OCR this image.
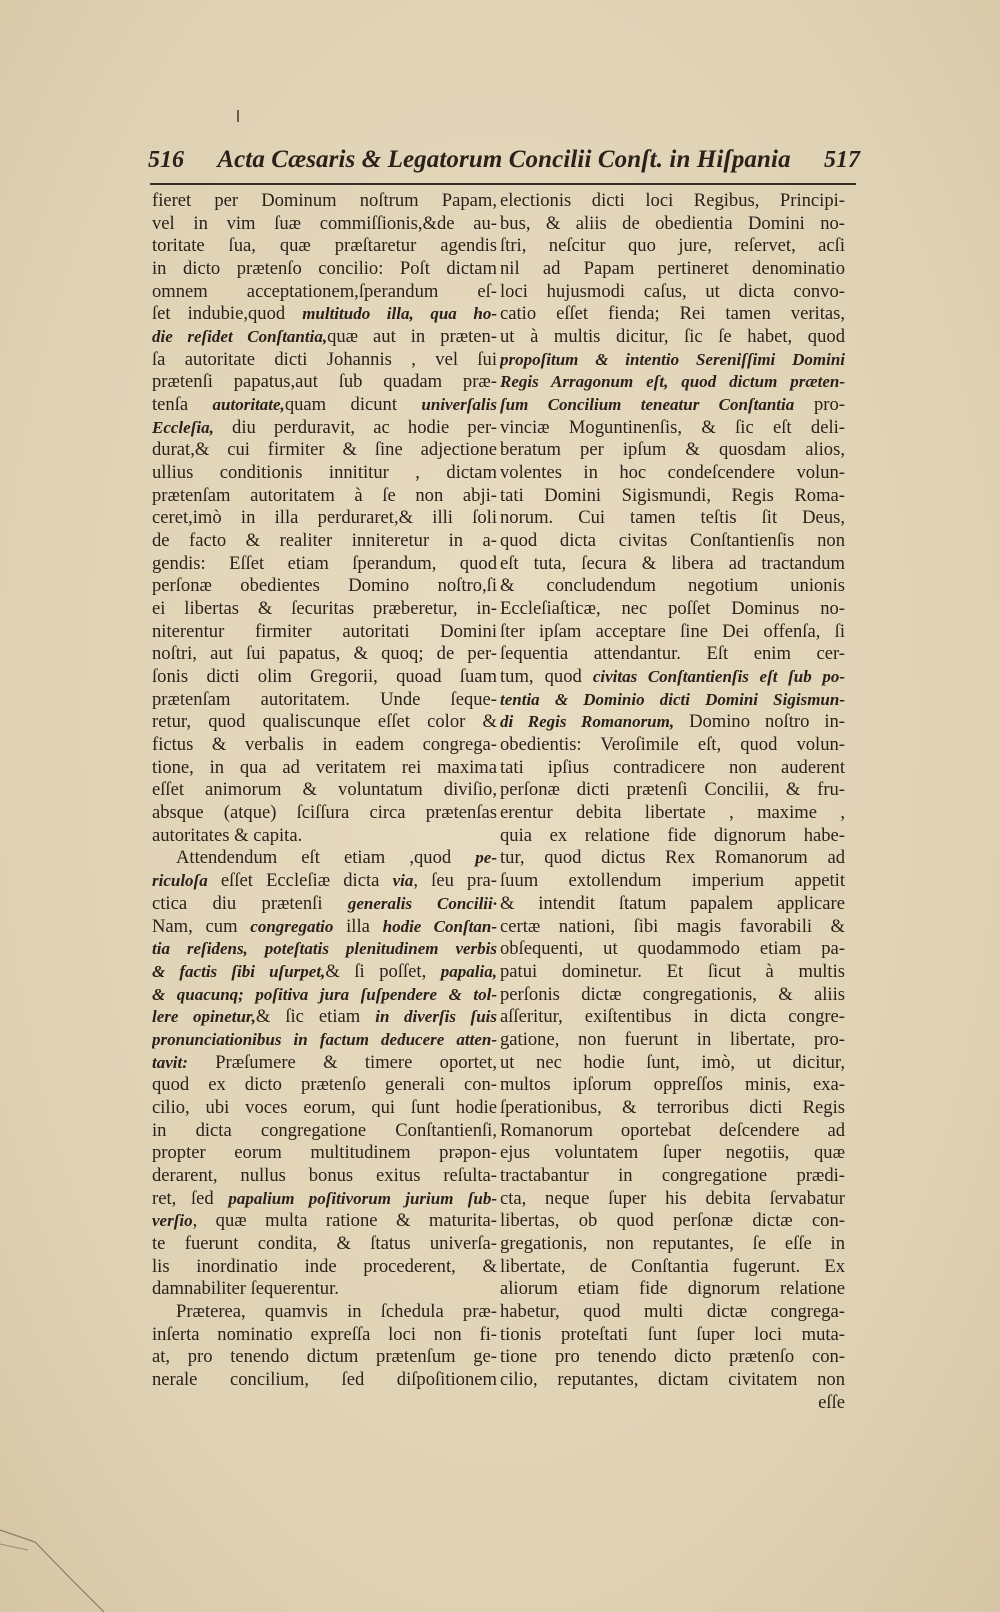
516 Acta Cæsaris & Legatorum Concilii Conſt. in Hiſpania 517
fieret per Dominum noſtrum Papam,
vel in vim ſuæ commiſſionis,&de au-
toritate ſua, quæ præſtaretur agendis
in dicto prætenſo concilio: Poſt dictam
omnem acceptationem,ſperandum eſ-
ſet indubie,quod multitudo illa, qua ho-
die reſidet Conſtantia,quæ aut in præten-
ſa autoritate dicti Johannis , vel ſui
prætenſi papatus,aut ſub quadam præ-
tenſa autoritate,quam dicunt univerſalis
Eccleſia, diu perduravit, ac hodie per-
durat,& cui firmiter & ſine adjectione
ullius conditionis innititur , dictam
prætenſam autoritatem à ſe non abji-
ceret,imò in illa perduraret,& illi ſoli
de facto & realiter inniteretur in a-
gendis: Eſſet etiam ſperandum, quod
perſonæ obedientes Domino noſtro,ſi
ei libertas & ſecuritas præberetur, in-
niterentur firmiter autoritati Domini
noſtri, aut ſui papatus, & quoq; de per-
ſonis dicti olim Gregorii, quoad ſuam
prætenſam autoritatem. Unde ſeque-
retur, quod qualiscunque eſſet color &
fictus & verbalis in eadem congrega-
tione, in qua ad veritatem rei maxima
eſſet animorum & voluntatum diviſio,
absque (atque) ſciſſura circa prætenſas
autoritates & capita.
Attendendum eſt etiam ,quod pe-
riculoſa eſſet Eccleſiæ dicta via, ſeu pra-
ctica diu prætenſi generalis Concilii·
Nam, cum congregatio illa hodie Conſtan-
tia reſidens, poteſtatis plenitudinem verbis
& factis ſibi uſurpet,& ſi poſſet, papalia,
& quacunq; poſitiva jura ſuſpendere & tol-
lere opinetur,& ſic etiam in diverſis ſuis
pronunciationibus in factum deducere atten-
tavit: Præſumere & timere oportet,
quod ex dicto prætenſo generali con-
cilio, ubi voces eorum, qui ſunt hodie
in dicta congregatione Conſtantienſi,
propter eorum multitudinem prəpon-
derarent, nullus bonus exitus reſulta-
ret, ſed papalium poſitivorum jurium ſub-
verſio, quæ multa ratione & maturita-
te fuerunt condita, & ſtatus univerſa-
lis inordinatio inde procederent, &
damnabiliter ſequerentur.
Præterea, quamvis in ſchedula præ-
inſerta nominatio expreſſa loci non fi-
at, pro tenendo dictum prætenſum ge-
nerale concilium, ſed diſpoſitionem
electionis dicti loci Regibus, Principi-
bus, & aliis de obedientia Domini no-
ſtri, neſcitur quo jure, reſervet, acſi
nil ad Papam pertineret denominatio
loci hujusmodi caſus, ut dicta convo-
catio eſſet fienda; Rei tamen veritas,
ut à multis dicitur, ſic ſe habet, quod
propoſitum & intentio Sereniſſimi Domini
Regis Arragonum eſt, quod dictum præten-
ſum Concilium teneatur Conſtantia pro-
vinciæ Moguntinenſis, & ſic eſt deli-
beratum per ipſum & quosdam alios,
volentes in hoc condeſcendere volun-
tati Domini Sigismundi, Regis Roma-
norum. Cui tamen teſtis ſit Deus,
quod dicta civitas Conſtantienſis non
eſt tuta, ſecura & libera ad tractandum
& concludendum negotium unionis
Eccleſiaſticæ, nec poſſet Dominus no-
ſter ipſam acceptare ſine Dei offenſa, ſi
ſequentia attendantur. Eſt enim cer-
tum, quod civitas Conſtantienſis eſt ſub po-
tentia & Dominio dicti Domini Sigismun-
di Regis Romanorum, Domino noſtro in-
obedientis: Veroſimile eſt, quod volun-
tati ipſius contradicere non auderent
perſonæ dicti prætenſi Concilii, & fru-
erentur debita libertate , maxime ,
quia ex relatione fide dignorum habe-
tur, quod dictus Rex Romanorum ad
ſuum extollendum imperium appetit
& intendit ſtatum papalem applicare
certæ nationi, ſibi magis favorabili &
obſequenti, ut quodammodo etiam pa-
patui dominetur. Et ſicut à multis
perſonis dictæ congregationis, & aliis
aſſeritur, exiſtentibus in dicta congre-
gatione, non fuerunt in libertate, pro-
ut nec hodie ſunt, imò, ut dicitur,
multos ipſorum oppreſſos minis, exa-
ſperationibus, & terroribus dicti Regis
Romanorum oportebat deſcendere ad
ejus voluntatem ſuper negotiis, quæ
tractabantur in congregatione prædi-
cta, neque ſuper his debita ſervabatur
libertas, ob quod perſonæ dictæ con-
gregationis, non reputantes, ſe eſſe in
libertate, de Conſtantia fugerunt. Ex
aliorum etiam fide dignorum relatione
habetur, quod multi dictæ congrega-
tionis proteſtati ſunt ſuper loci muta-
tione pro tenendo dicto prætenſo con-
cilio, reputantes, dictam civitatem non
eſſe
